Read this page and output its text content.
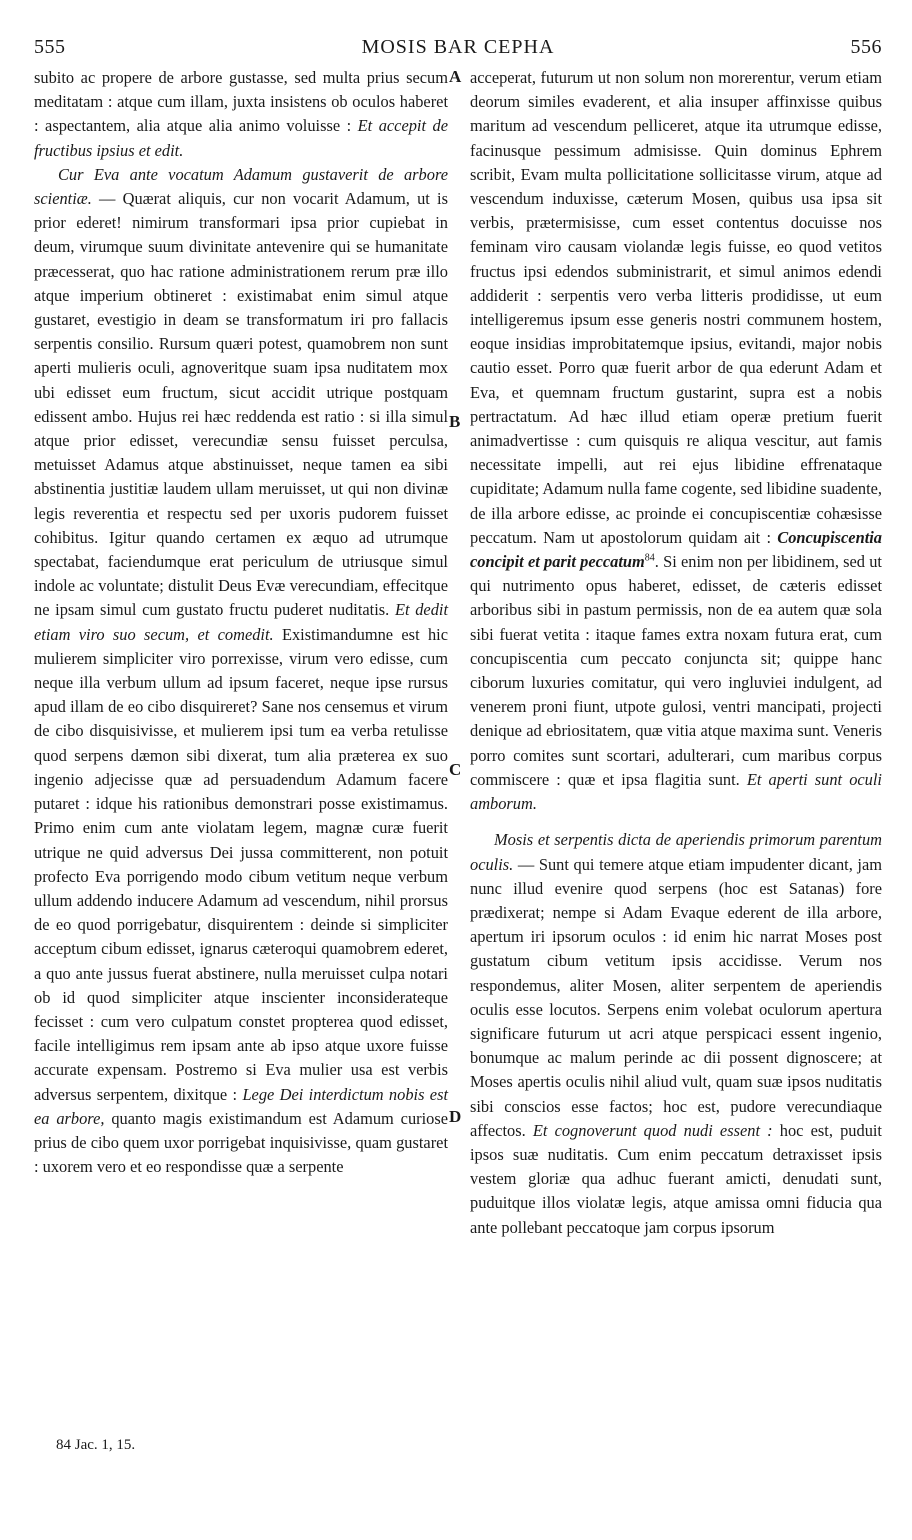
555	MOSIS BAR CEPHA	556

subito ac propere de arbore gustasse, sed multa prius secum meditatam : atque cum illam, juxta insistens ob oculos haberet : aspectantem, alia atque alia animo voluisse : Et accepit de fructibus ipsius et edit.

Cur Eva ante vocatum Adamum gustaverit de arbore scientiæ. — Quærat aliquis, cur non vocarit Adamum, ut is prior ederet! nimirum transformari ipsa prior cupiebat in deum, virumque suum divinitate antevenire qui se humanitate præcesserat, quo hac ratione administrationem rerum præ illo atque imperium obtineret : existimabat enim simul atque gustaret, evestigio in deam se transformatum iri pro fallacis serpentis consilio. Rursum quæri potest, quamobrem non sunt aperti mulieris oculi, agnoveritque suam ipsa nuditatem mox ubi edisset eum fructum, sicut accidit utrique postquam edissent ambo. Hujus rei hæc reddenda est ratio : si illa simul atque prior edisset, verecundiæ sensu fuisset perculsa, metuisset Adamus atque abstinuisset, neque tamen ea sibi abstinentia justitiæ laudem ullam meruisset, ut qui non divinæ legis reverentia et respectu sed per uxoris pudorem fuisset cohibitus. Igitur quando certamen ex æquo ad utrumque spectabat, faciendumque erat periculum de utriusque simul indole ac voluntate; distulit Deus Evæ verecundiam, effecitque ne ipsam simul cum gustato fructu puderet nuditatis. Et dedit etiam viro suo secum, et comedit. Existimandumne est hic mulierem simpliciter viro porrexisse, virum vero edisse, cum neque illa verbum ullum ad ipsum faceret, neque ipse rursus apud illam de eo cibo disquireret? Sane nos censemus et virum de cibo disquisivisse, et mulierem ipsi tum ea verba retulisse quod serpens dæmon sibi dixerat, tum alia præterea ex suo ingenio adjecisse quæ ad persuadendum Adamum facere putaret : idque his rationibus demonstrari posse existimamus. Primo enim cum ante violatam legem, magnæ curæ fuerit utrique ne quid adversus Dei jussa committerent, non potuit profecto Eva porrigendo modo cibum vetitum neque verbum ullum addendo inducere Adamum ad vescendum, nihil prorsus de eo quod porrigebatur, disquirentem : deinde si simpliciter acceptum cibum edisset, ignarus cæteroqui quamobrem ederet, a quo ante jussus fuerat abstinere, nulla meruisset culpa notari ob id quod simpliciter atque inscienter inconsiderateque fecisset : cum vero culpatum constet propterea quod edisset, facile intelligimus rem ipsam ante ab ipso atque uxore fuisse accurate expensam. Postremo si Eva mulier usa est verbis adversus serpentem, dixitque : Lege Dei interdictum nobis est ea arbore, quanto magis existimandum est Adamum curiose prius de cibo quem uxor porrigebat inquisivisse, quam gustaret : uxorem vero et eo respondisse quæ a serpente

acceperat, futurum ut non solum non morerentur, verum etiam deorum similes evaderent, et alia insuper affinxisse quibus maritum ad vescendum pelliceret, atque ita utrumque edisse, facinusque pessimum admisisse. Quin dominus Ephrem scribit, Evam multa pollicitatione sollicitasse virum, atque ad vescendum induxisse, cæterum Mosen, quibus usa ipsa sit verbis, prætermisisse, cum esset contentus docuisse nos feminam viro causam violandæ legis fuisse, eo quod vetitos fructus ipsi edendos subministrarit, et simul animos edendi addiderit : serpentis vero verba litteris prodidisse, ut eum intelligeremus ipsum esse generis nostri communem hostem, eoque insidias improbitatemque ipsius, evitandi, major nobis cautio esset. Porro quæ fuerit arbor de qua ederunt Adam et Eva, et quemnam fructum gustarint, supra est a nobis pertractatum. Ad hæc illud etiam operæ pretium fuerit animadvertisse : cum quisquis re aliqua vescitur, aut famis necessitate impelli, aut rei ejus libidine effrenataque cupiditate; Adamum nulla fame cogente, sed libidine suadente, de illa arbore edisse, ac proinde ei concupiscentiæ cohæsisse peccatum. Nam ut apostolorum quidam ait : Concupiscentia concipit et parit peccatum$^{84}$. Si enim non per libidinem, sed ut qui nutrimento opus haberet, edisset, de cæteris edisset arboribus sibi in pastum permissis, non de ea autem quæ sola sibi fuerat vetita : itaque fames extra noxam futura erat, cum concupiscentia cum peccato conjuncta sit; quippe hanc ciborum luxuries comitatur, qui vero ingluviei indulgent, ad venerem proni fiunt, utpote gulosi, ventri mancipati, projecti denique ad ebriositatem, quæ vitia atque maxima sunt. Veneris porro comites sunt scortari, adulterari, cum maribus corpus commiscere : quæ et ipsa flagitia sunt. Et aperti sunt oculi amborum.

Mosis et serpentis dicta de aperiendis primorum parentum oculis. — Sunt qui temere atque etiam impudenter dicant, jam nunc illud evenire quod serpens (hoc est Satanas) fore prædixerat; nempe si Adam Evaque ederent de illa arbore, apertum iri ipsorum oculos : id enim hic narrat Moses post gustatum cibum vetitum ipsis accidisse. Verum nos respondemus, aliter Mosen, aliter serpentem de aperiendis oculis esse locutos. Serpens enim volebat oculorum apertura significare futurum ut acri atque perspicaci essent ingenio, bonumque ac malum perinde ac dii possent dignoscere; at Moses apertis oculis nihil aliud vult, quam suæ ipsos nuditatis sibi conscios esse factos; hoc est, pudore verecundiaque affectos. Et cognoverunt quod nudi essent : hoc est, puduit ipsos suæ nuditatis. Cum enim peccatum detraxisset ipsis vestem gloriæ qua adhuc fuerant amicti, denudati sunt, puduitque illos violatæ legis, atque amissa omni fiducia qua ante pollebant peccatoque jam corpus ipsorum

A
B
C
D
84 Jac. 1, 15.
